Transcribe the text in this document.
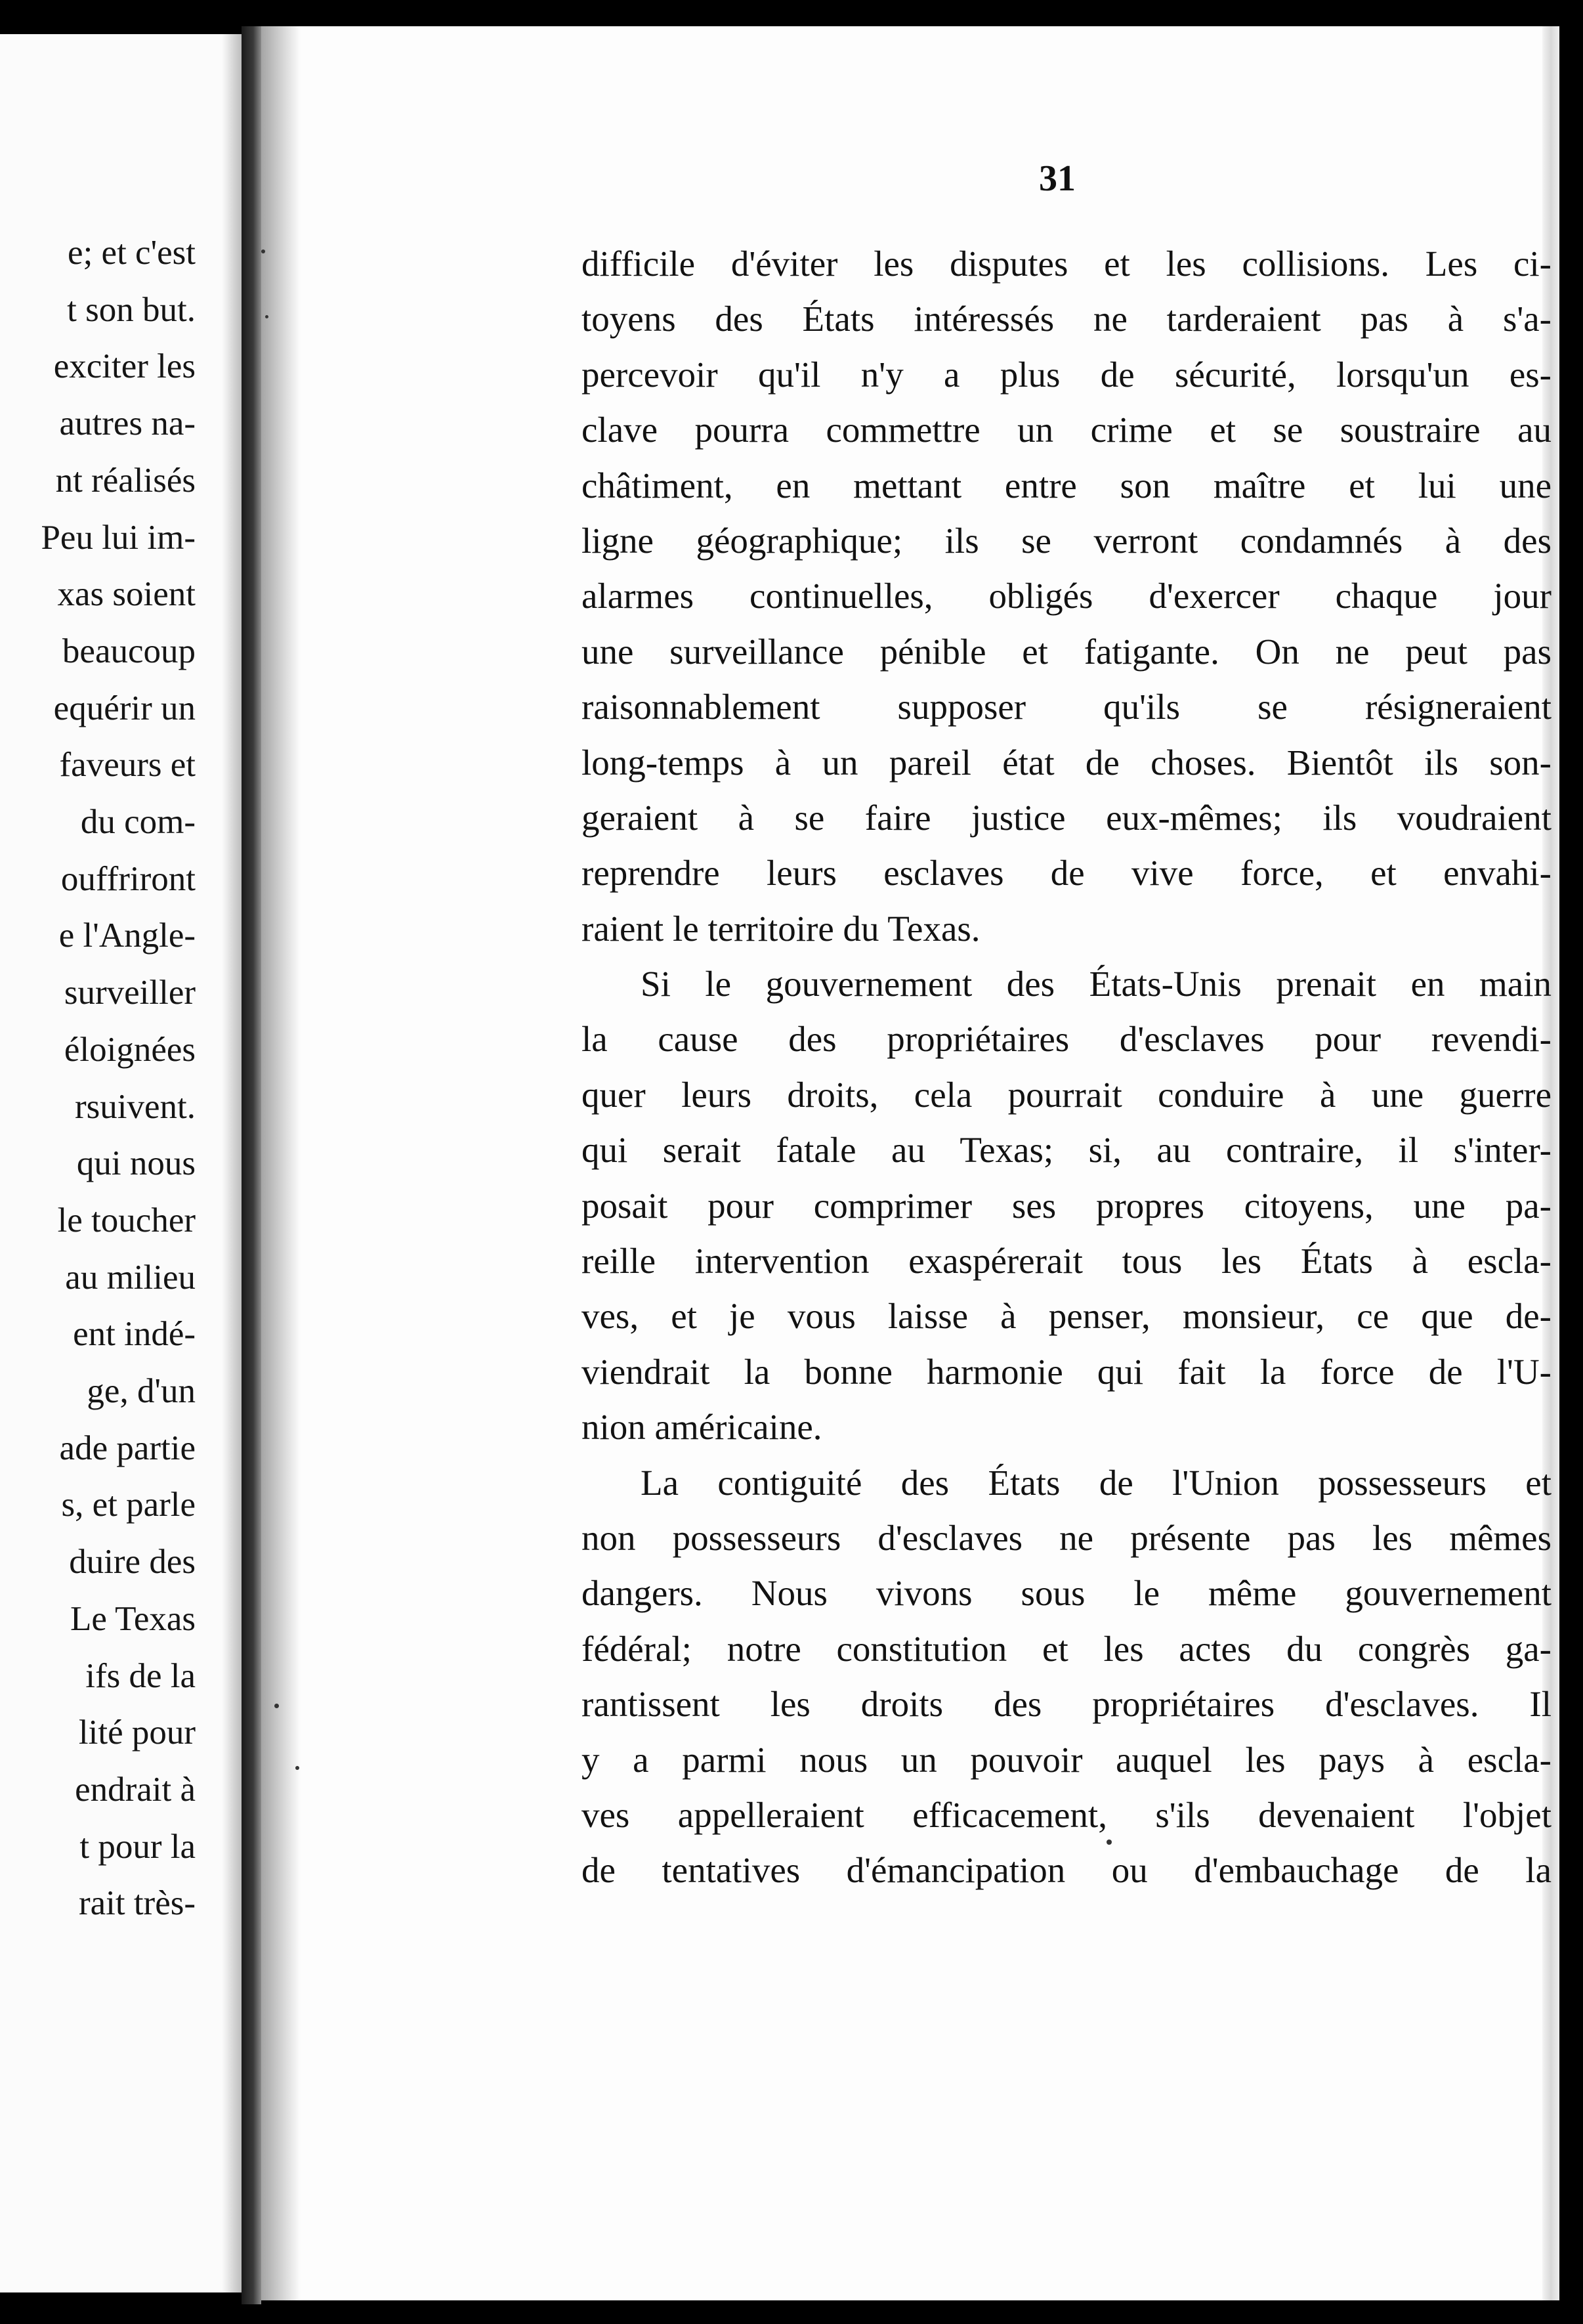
e; et c'est
t son but.
exciter les
autres na-
nt réalisés
Peu lui im-
xas soient
beaucoup
equérir un
faveurs et
du com-
ouffriront
e l'Angle-
surveiller
éloignées
rsuivent.
qui nous
le toucher
au milieu
ent indé-
ge, d'un
ade partie
s, et parle
duire des
Le Texas
ifs de la
lité pour
endrait à
t pour la
rait très-
31
difficile d'éviter les disputes et les collisions. Les ci-
toyens des États intéressés ne tarderaient pas à s'a-
percevoir qu'il n'y a plus de sécurité, lorsqu'un es-
clave pourra commettre un crime et se soustraire au
châtiment, en mettant entre son maître et lui une
ligne géographique; ils se verront condamnés à des
alarmes continuelles, obligés d'exercer chaque jour
une surveillance pénible et fatigante. On ne peut pas
raisonnablement supposer qu'ils se résigneraient
long-temps à un pareil état de choses. Bientôt ils son-
geraient à se faire justice eux-mêmes; ils voudraient
reprendre leurs esclaves de vive force, et envahi-
raient le territoire du Texas.
Si le gouvernement des États-Unis prenait en main
la cause des propriétaires d'esclaves pour revendi-
quer leurs droits, cela pourrait conduire à une guerre
qui serait fatale au Texas; si, au contraire, il s'inter-
posait pour comprimer ses propres citoyens, une pa-
reille intervention exaspérerait tous les États à escla-
ves, et je vous laisse à penser, monsieur, ce que de-
viendrait la bonne harmonie qui fait la force de l'U-
nion américaine.
La contiguité des États de l'Union possesseurs et
non possesseurs d'esclaves ne présente pas les mêmes
dangers. Nous vivons sous le même gouvernement
fédéral; notre constitution et les actes du congrès ga-
rantissent les droits des propriétaires d'esclaves. Il
y a parmi nous un pouvoir auquel les pays à escla-
ves appelleraient efficacement, s'ils devenaient l'objet
de tentatives d'émancipation ou d'embauchage de la
